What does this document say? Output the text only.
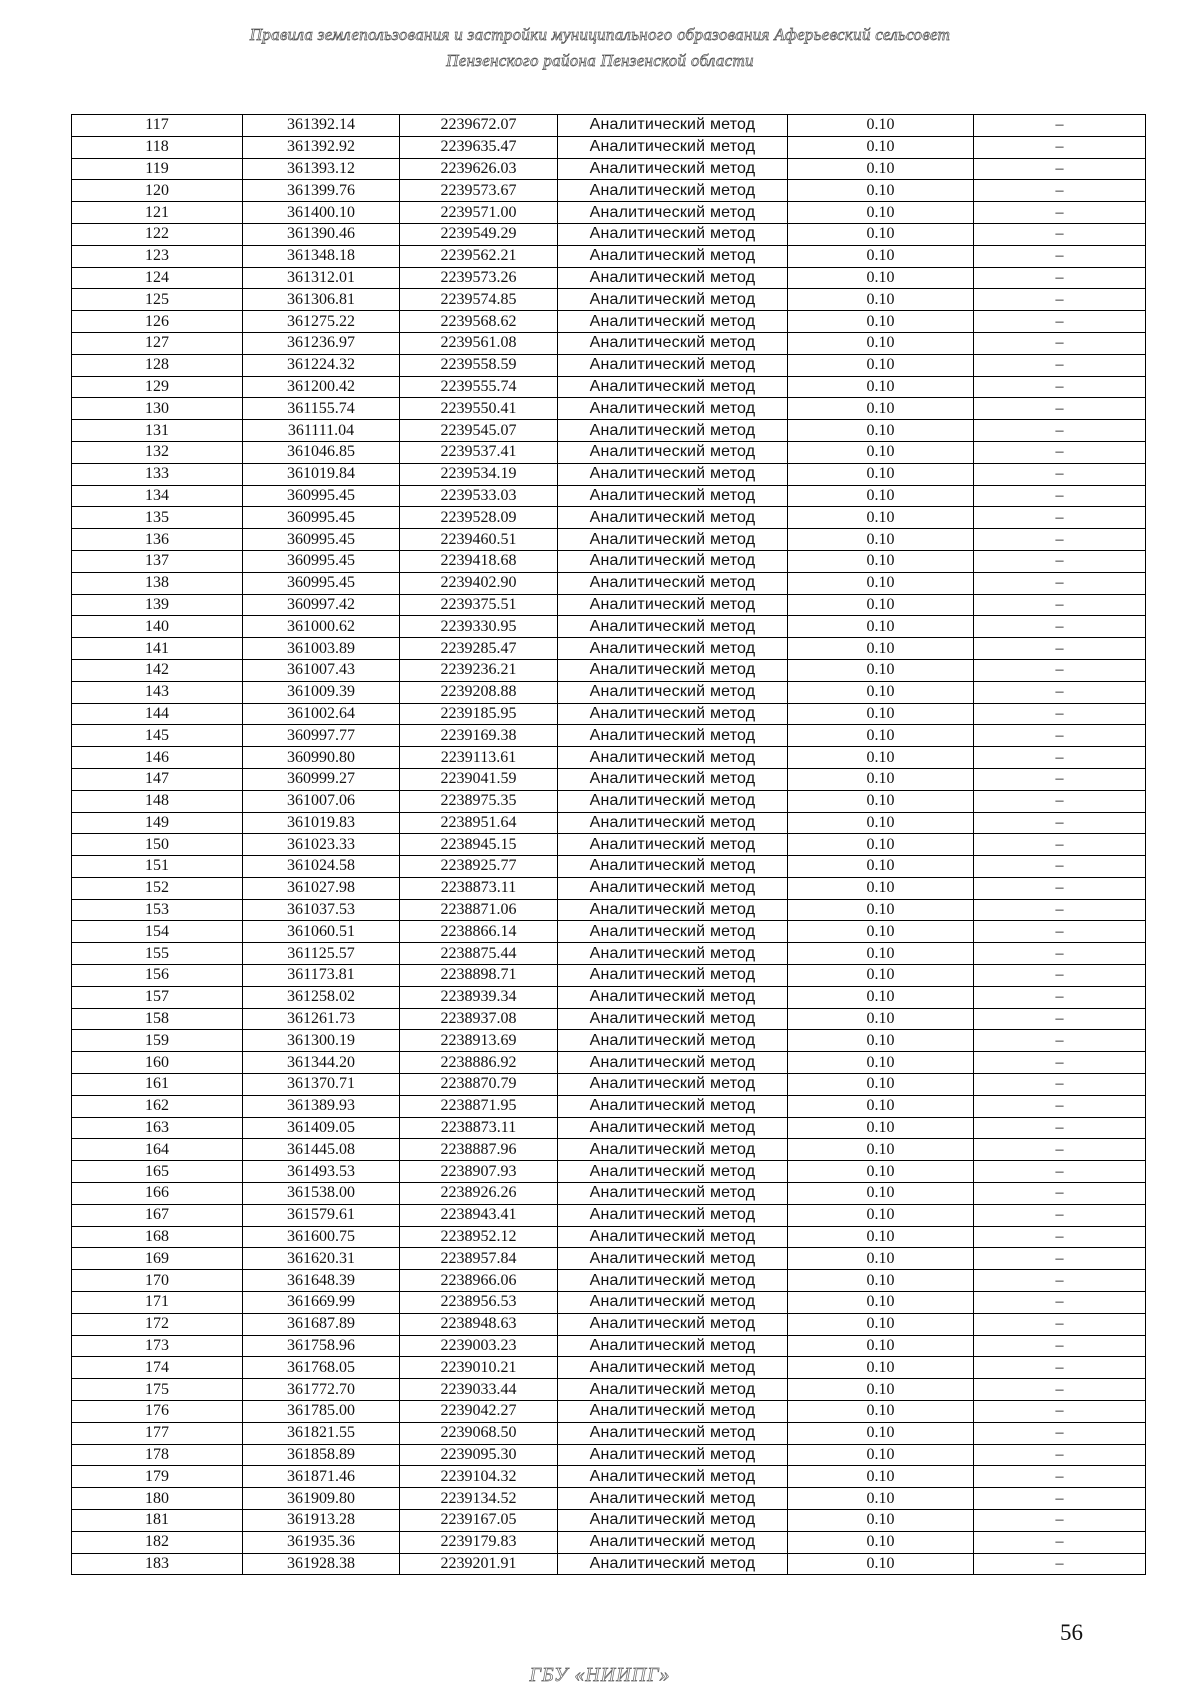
Правила землепользования и застройки муниципального образования Аферьевский сельсовет
Пензенского района Пензенской области
117	361392.14	2239672.07	Аналитический метод	0.10	–
118	361392.92	2239635.47	Аналитический метод	0.10	–
119	361393.12	2239626.03	Аналитический метод	0.10	–
120	361399.76	2239573.67	Аналитический метод	0.10	–
121	361400.10	2239571.00	Аналитический метод	0.10	–
122	361390.46	2239549.29	Аналитический метод	0.10	–
123	361348.18	2239562.21	Аналитический метод	0.10	–
124	361312.01	2239573.26	Аналитический метод	0.10	–
125	361306.81	2239574.85	Аналитический метод	0.10	–
126	361275.22	2239568.62	Аналитический метод	0.10	–
127	361236.97	2239561.08	Аналитический метод	0.10	–
128	361224.32	2239558.59	Аналитический метод	0.10	–
129	361200.42	2239555.74	Аналитический метод	0.10	–
130	361155.74	2239550.41	Аналитический метод	0.10	–
131	361111.04	2239545.07	Аналитический метод	0.10	–
132	361046.85	2239537.41	Аналитический метод	0.10	–
133	361019.84	2239534.19	Аналитический метод	0.10	–
134	360995.45	2239533.03	Аналитический метод	0.10	–
135	360995.45	2239528.09	Аналитический метод	0.10	–
136	360995.45	2239460.51	Аналитический метод	0.10	–
137	360995.45	2239418.68	Аналитический метод	0.10	–
138	360995.45	2239402.90	Аналитический метод	0.10	–
139	360997.42	2239375.51	Аналитический метод	0.10	–
140	361000.62	2239330.95	Аналитический метод	0.10	–
141	361003.89	2239285.47	Аналитический метод	0.10	–
142	361007.43	2239236.21	Аналитический метод	0.10	–
143	361009.39	2239208.88	Аналитический метод	0.10	–
144	361002.64	2239185.95	Аналитический метод	0.10	–
145	360997.77	2239169.38	Аналитический метод	0.10	–
146	360990.80	2239113.61	Аналитический метод	0.10	–
147	360999.27	2239041.59	Аналитический метод	0.10	–
148	361007.06	2238975.35	Аналитический метод	0.10	–
149	361019.83	2238951.64	Аналитический метод	0.10	–
150	361023.33	2238945.15	Аналитический метод	0.10	–
151	361024.58	2238925.77	Аналитический метод	0.10	–
152	361027.98	2238873.11	Аналитический метод	0.10	–
153	361037.53	2238871.06	Аналитический метод	0.10	–
154	361060.51	2238866.14	Аналитический метод	0.10	–
155	361125.57	2238875.44	Аналитический метод	0.10	–
156	361173.81	2238898.71	Аналитический метод	0.10	–
157	361258.02	2238939.34	Аналитический метод	0.10	–
158	361261.73	2238937.08	Аналитический метод	0.10	–
159	361300.19	2238913.69	Аналитический метод	0.10	–
160	361344.20	2238886.92	Аналитический метод	0.10	–
161	361370.71	2238870.79	Аналитический метод	0.10	–
162	361389.93	2238871.95	Аналитический метод	0.10	–
163	361409.05	2238873.11	Аналитический метод	0.10	–
164	361445.08	2238887.96	Аналитический метод	0.10	–
165	361493.53	2238907.93	Аналитический метод	0.10	–
166	361538.00	2238926.26	Аналитический метод	0.10	–
167	361579.61	2238943.41	Аналитический метод	0.10	–
168	361600.75	2238952.12	Аналитический метод	0.10	–
169	361620.31	2238957.84	Аналитический метод	0.10	–
170	361648.39	2238966.06	Аналитический метод	0.10	–
171	361669.99	2238956.53	Аналитический метод	0.10	–
172	361687.89	2238948.63	Аналитический метод	0.10	–
173	361758.96	2239003.23	Аналитический метод	0.10	–
174	361768.05	2239010.21	Аналитический метод	0.10	–
175	361772.70	2239033.44	Аналитический метод	0.10	–
176	361785.00	2239042.27	Аналитический метод	0.10	–
177	361821.55	2239068.50	Аналитический метод	0.10	–
178	361858.89	2239095.30	Аналитический метод	0.10	–
179	361871.46	2239104.32	Аналитический метод	0.10	–
180	361909.80	2239134.52	Аналитический метод	0.10	–
181	361913.28	2239167.05	Аналитический метод	0.10	–
182	361935.36	2239179.83	Аналитический метод	0.10	–
183	361928.38	2239201.91	Аналитический метод	0.10	–
56
ГБУ «НИИПГ»
